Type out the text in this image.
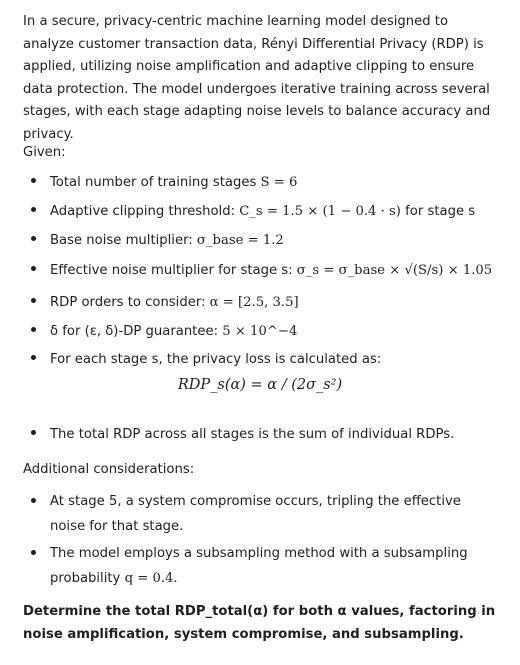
In a secure, privacy-centric machine learning model designed to analyze customer transaction data, Rényi Differential Privacy (RDP) is applied, utilizing noise amplification and adaptive clipping to ensure data protection. The model undergoes iterative training across several stages, with each stage adapting noise levels to balance accuracy and privacy.

Given:

Total number of training stages S = 6
Adaptive clipping threshold: C_s = 1.5 × (1 − 0.4 · s) for stage s
Base noise multiplier: σ_base = 1.2
Effective noise multiplier for stage s: σ_s = σ_base × √(S/s) × 1.05
RDP orders to consider: α = [2.5, 3.5]
δ for (ε, δ)-DP guarantee: 5 × 10^−4
For each stage s, the privacy loss is calculated as:
The total RDP across all stages is the sum of individual RDPs.
RDP_s(α) = α / (2σ_s²)

Additional considerations:

At stage 5, a system compromise occurs, tripling the effective noise for that stage.
The model employs a subsampling method with a subsampling probability q = 0.4.

Determine the total RDP_total(α) for both α values, factoring in noise amplification, system compromise, and subsampling.
